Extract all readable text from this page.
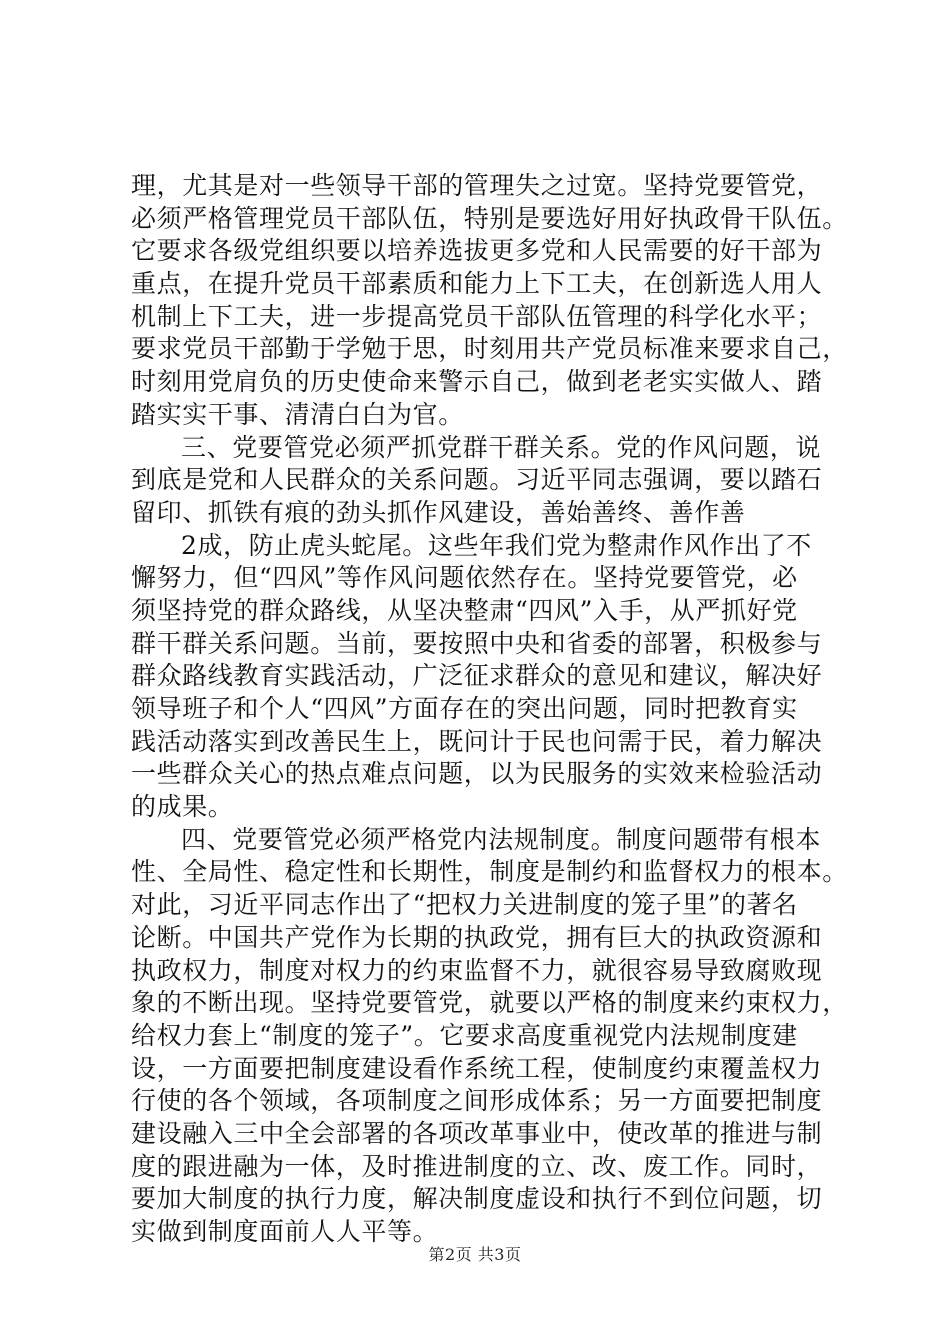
理，尤其是对一些领导干部的管理失之过宽。坚持党要管党，
必须严格管理党员干部队伍，特别是要选好用好执政骨干队伍。
它要求各级党组织要以培养选拔更多党和人民需要的好干部为
重点，在提升党员干部素质和能力上下工夫，在创新选人用人
机制上下工夫，进一步提高党员干部队伍管理的科学化水平；
要求党员干部勤于学勉于思，时刻用共产党员标准来要求自己，
时刻用党肩负的历史使命来警示自己，做到老老实实做人、踏
踏实实干事、清清白白为官。
三、党要管党必须严抓党群干群关系。党的作风问题，说
到底是党和人民群众的关系问题。习近平同志强调，要以踏石
留印、抓铁有痕的劲头抓作风建设，善始善终、善作善
2成，防止虎头蛇尾。这些年我们党为整肃作风作出了不
懈努力，但“四风”等作风问题依然存在。坚持党要管党，必
须坚持党的群众路线，从坚决整肃“四风”入手，从严抓好党
群干群关系问题。当前，要按照中央和省委的部署，积极参与
群众路线教育实践活动，广泛征求群众的意见和建议，解决好
领导班子和个人“四风”方面存在的突出问题，同时把教育实
践活动落实到改善民生上，既问计于民也问需于民，着力解决
一些群众关心的热点难点问题，以为民服务的实效来检验活动
的成果。
四、党要管党必须严格党内法规制度。制度问题带有根本
性、全局性、稳定性和长期性，制度是制约和监督权力的根本。
对此，习近平同志作出了“把权力关进制度的笼子里”的著名
论断。中国共产党作为长期的执政党，拥有巨大的执政资源和
执政权力，制度对权力的约束监督不力，就很容易导致腐败现
象的不断出现。坚持党要管党，就要以严格的制度来约束权力，
给权力套上“制度的笼子”。它要求高度重视党内法规制度建
设，一方面要把制度建设看作系统工程，使制度约束覆盖权力
行使的各个领域，各项制度之间形成体系；另一方面要把制度
建设融入三中全会部署的各项改革事业中，使改革的推进与制
度的跟进融为一体，及时推进制度的立、改、废工作。同时，
要加大制度的执行力度，解决制度虚设和执行不到位问题，切
实做到制度面前人人平等。
第2页 共3页
